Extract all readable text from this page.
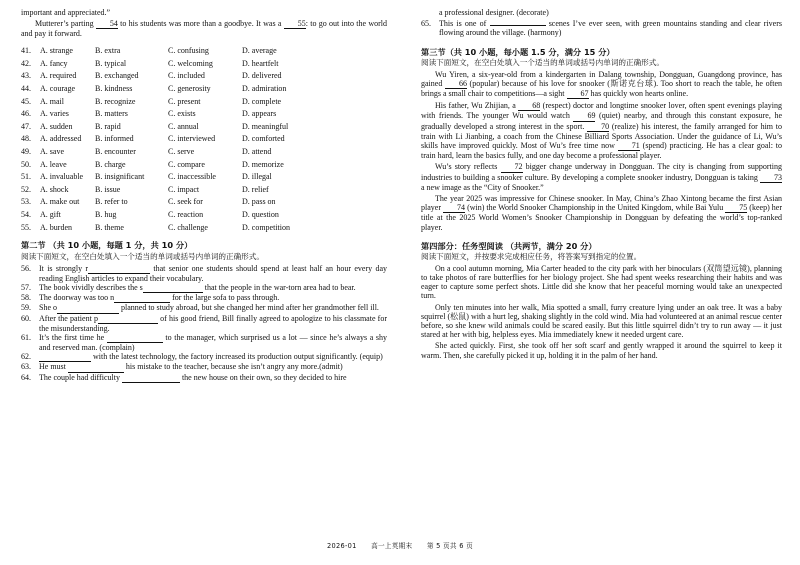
important and appreciated.”

Mutterer’s parting 54 to his students was more than a goodbye. It was a 55: to go out into the world and pay it forward.

41.	A. strange	B. extra	C. confusing	D. average
42.	A. fancy	B. typical	C. welcoming	D. heartfelt
43.	A. required	B. exchanged	C. included	D. delivered
44.	A. courage	B. kindness	C. generosity	D. admiration
45.	A. mail	B. recognize	C. present	D. complete
46.	A. varies	B. matters	C. exists	D. appears
47.	A. sudden	B. rapid	C. annual	D. meaningful
48.	A. addressed	B. informed	C. interviewed	D. comforted
49.	A. save	B. encounter	C. serve	D. attend
50.	A. leave	B. charge	C. compare	D. memorize
51.	A. invaluable	B. insignificant	C. inaccessible	D. illegal
52.	A. shock	B. issue	C. impact	D. relief
53.	A. make out	B. refer to	C. seek for	D. pass on
54.	A. gift	B. hug	C. reaction	D. question
55.	A. burden	B. theme	C. challenge	D. competition
第二节 （共 10 小题，每题 1 分，共 10 分）
阅读下面短文，在空白处填入一个适当的单词或括号内单词的正确形式。
56.	It is strongly r	that senior one students should spend at least half an hour every day reading English articles to expand their vocabulary.
57.	The book vividly describes the s	that the people in the war-torn area had to bear.
58.	The doorway was too n	for the large sofa to pass through.
59.	She o	planned to study abroad, but she changed her mind after her grandmother fell ill.
60.	After the patient p	of his good friend, Bill finally agreed to apologize to his classmate for the misunderstanding.
61.	It’s the first time he	to the manager, which surprised us a lot — since he’s always a shy and reserved man. (complain)
62.	with the latest technology, the factory increased its production output significantly. (equip)
63.	He must	his mistake to the teacher, because she isn’t angry any more.(admit)
64.	The couple had difficulty	the new house on their own, so they decided to hire

a professional designer. (decorate)

65.	This is one of	scenes I’ve ever seen, with green mountains standing and clear rivers flowing around the village. (harmony)
第三节（共 10 小题，每小题 1.5 分，满分 15 分）
阅读下面短文，在空白处填入一个适当的单词或括号内单词的正确形式。

Wu Yiren, a six-year-old from a kindergarten in Dalang township, Dongguan, Guangdong province, has gained 66 (popular) because of his love for snooker (斯诺克台球). Too short to reach the table, he often brings a small chair to competitions—a sight 67 has quickly won hearts online.

His father, Wu Zhijian, a 68 (respect) doctor and longtime snooker lover, often spent evenings playing with friends. The younger Wu would watch 69 (quiet) nearby, and through this constant exposure, he gradually developed a strong interest in the sport. 70 (realize) his interest, the family arranged for him to train with Li Jianbing, a coach from the Chinese Billiard Sports Association. Under the guidance of Li, Wu’s skills have improved quickly. Most of Wu’s free time now 71 (spend) practicing. He has a clear goal: to train hard, learn the basics fully, and one day become a professional player.

Wu’s story reflects 72 bigger change underway in Dongguan. The city is changing from supporting industries to building a snooker culture. By developing a complete snooker industry, Dongguan is taking 73 a new image as the “City of Snooker.”

The year 2025 was impressive for Chinese snooker. In May, China’s Zhao Xintong became the first Asian player 74 (win) the World Snooker Championship in the United Kingdom, while Bai Yulu 75 (keep) her title at the 2025 World Women’s Snooker Championship in Dongguan by defeating the world’s top-ranked player.

第四部分：任务型阅读 （共两节，满分 20 分）
阅读下面短文，并按要求完成相应任务，将答案写到指定的位置。

On a cool autumn morning, Mia Carter headed to the city park with her binoculars (双筒望远镜), planning to take photos of rare butterflies for her biology project. She had spent weeks researching their habits and was eager to capture some perfect shots. Little did she know that her peaceful morning would take an unexpected turn.

Only ten minutes into her walk, Mia spotted a small, furry creature lying under an oak tree. It was a baby squirrel (松鼠) with a hurt leg, shaking slightly in the cold wind. Mia had volunteered at an animal rescue center before, so she knew wild animals could be scared easily. But this little squirrel didn’t try to run away — it just stared at her with big, helpless eyes. Mia immediately knew it needed urgent care.

She acted quickly. First, she took off her soft scarf and gently wrapped it around the squirrel to keep it warm. Then, she carefully picked it up, holding it in the palm of her hand.

2026-01 高一上英期末 第 5 页共 6 页
